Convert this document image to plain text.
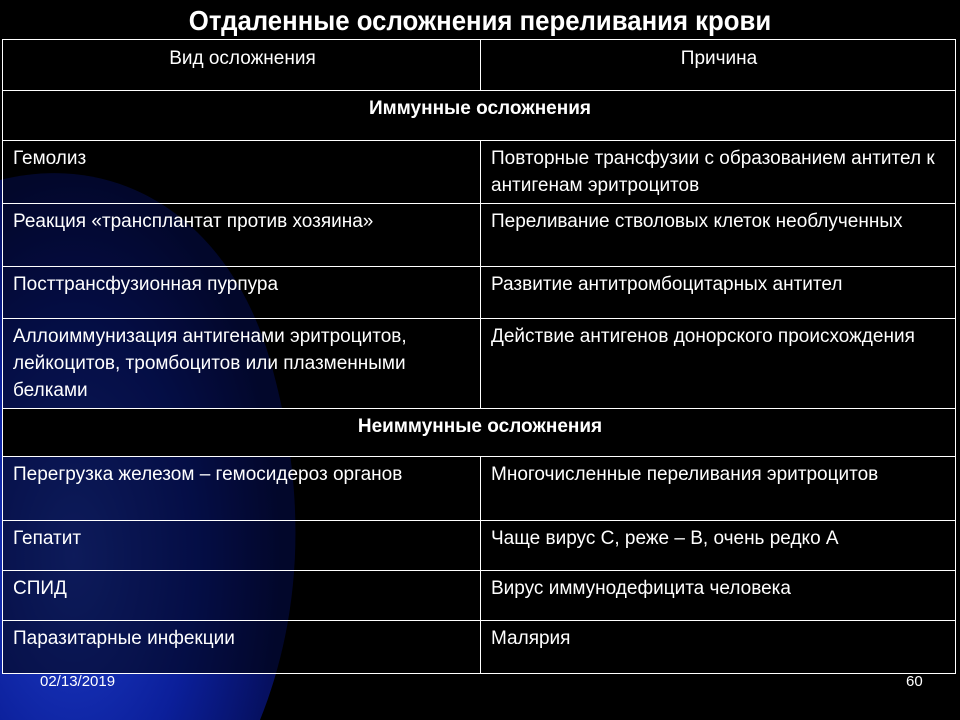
Отдаленные осложнения переливания крови
Вид осложнения	Причина
Иммунные осложнения	
Гемолиз	Повторные трансфузии с образованием антител к антигенам эритроцитов
Реакция «трансплантат против хозяина»	Переливание стволовых клеток необлученных
Посттрансфузионная пурпура	Развитие антитромбоцитарных антител
Аллоиммунизация антигенами эритроцитов, лейкоцитов, тромбоцитов или плазменными белками	Действие антигенов донорского происхождения
Неиммунные осложнения	
Перегрузка железом – гемосидероз органов	Многочисленные переливания эритроцитов
Гепатит	Чаще вирус С, реже – В, очень редко А
СПИД	Вирус иммунодефицита человека
Паразитарные инфекции	Малярия
02/13/2019	60
